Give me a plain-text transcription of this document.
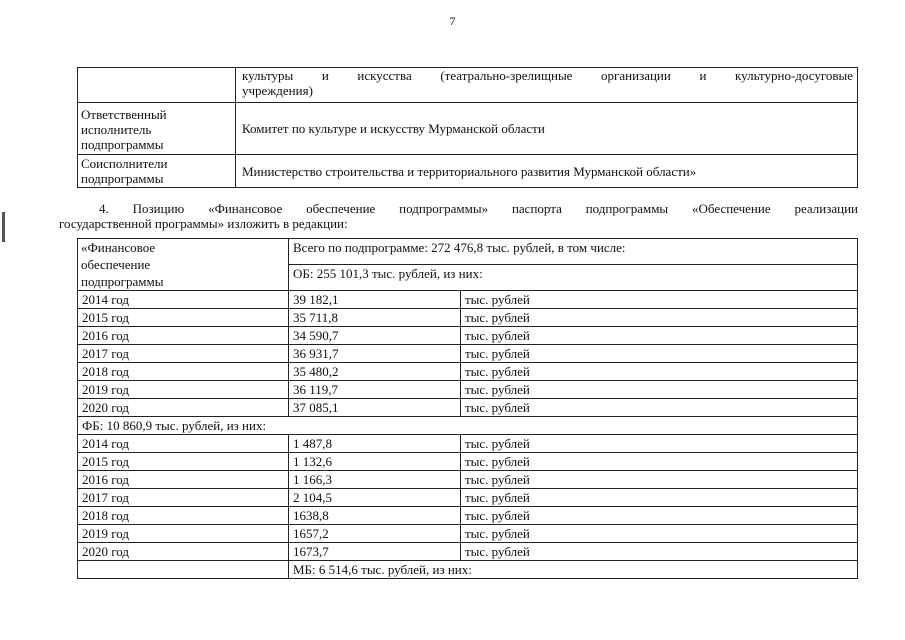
7

	культуры и искусства (театрально-зрелищные организации и культурно-досуговые
учреждения)

Ответственный
исполнитель
подпрограммы	Комитет по культуре и искусству Мурманской области

Соисполнители
подпрограммы	Министерство строительства и территориального развития Мурманской области»
4. Позицию «Финансовое обеспечение подпрограммы» паспорта подпрограммы «Обеспечение реализации
государственной программы» изложить в редакции:
«Финансовое
обеспечение
подпрограммы	Всего по подпрограмме: 272 476,8 тыс. рублей, в том числе:	
	ОБ: 255 101,3 тыс. рублей, из них:	
2014 год	39 182,1	тыс. рублей
2015 год	35 711,8	тыс. рублей
2016 год	34 590,7	тыс. рублей
2017 год	36 931,7	тыс. рублей
2018 год	35 480,2	тыс. рублей
2019 год	36 119,7	тыс. рублей
2020 год	37 085,1	тыс. рублей
ФБ: 10 860,9 тыс. рублей, из них:		
2014 год	1 487,8	тыс. рублей
2015 год	1 132,6	тыс. рублей
2016 год	1 166,3	тыс. рублей
2017 год	2 104,5	тыс. рублей
2018 год	1638,8	тыс. рублей
2019 год	1657,2	тыс. рублей
2020 год	1673,7	тыс. рублей
	МБ: 6 514,6 тыс. рублей, из них:	
